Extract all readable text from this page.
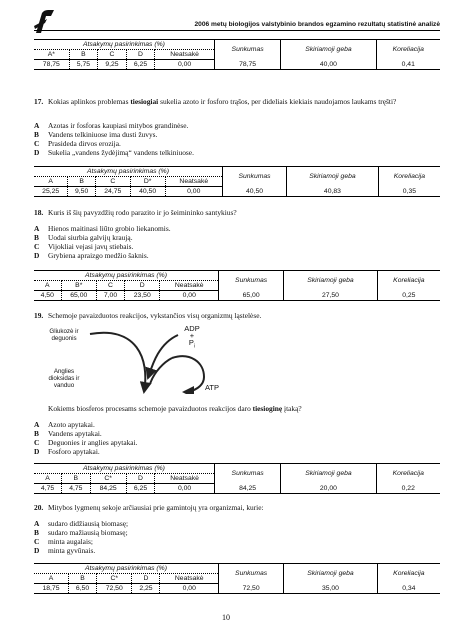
2006 metų biologijos valstybinio brandos egzamino rezultatų statistinė analizė
Atsakymų pasirinkimas (%)					Sunkumas	Skiriamoji geba	Koreliacija
A*	B	C	D	Neatsakė			
78,75	5,75	9,25	6,25	0,00	78,75	40,00	0,41
17. Kokias aplinkos problemas tiesiogiai sukelia azoto ir fosforo trąšos, per dideliais kiekiais naudojamos laukams tręšti?
A Azotas ir fosforas kaupiasi mitybos grandinėse.
B Vandens telkiniuose ima dusti žuvys.
C Prasideda dirvos erozija.
D Sukelia „vandens žydėjimą“ vandens telkiniuose.
Atsakymų pasirinkimas (%)					Sunkumas	Skiriamoji geba	Koreliacija
A	B	C	D*	Neatsakė			
25,25	9,50	24,75	40,50	0,00	40,50	40,83	0,35
18. Kuris iš šių pavyzdžių rodo parazito ir jo šeimininko santykius?
A Hienos maitinasi liūto grobio liekanomis.
B Uodai siurbia galvijų kraują.
C Vijokliai vejasi javų stiebais.
D Grybiena apraizgo medžio šaknis.
Atsakymų pasirinkimas (%)					Sunkumas	Skiriamoji geba	Koreliacija
A	B*	C	D	Neatsakė			
4,50	65,00	7,00	23,50	0,00	65,00	27,50	0,25
19. Schemoje pavaizduotos reakcijos, vykstančios visų organizmų ląstelėse.
Gliukozė ir deguonis
Anglies dioksidas ir vanduo
ADP
+
$P_i$
ATP
Kokiems biosferos procesams schemoje pavaizduotos reakcijos daro tiesioginę įtaką?
A Azoto apytakai.
B Vandens apytakai.
C Deguonies ir anglies apytakai.
D Fosforo apytakai.
Atsakymų pasirinkimas (%)					Sunkumas	Skiriamoji geba	Koreliacija
A	B	C*	D	Neatsakė			
4,75	4,75	84,25	6,25	0,00	84,25	20,00	0,22
20. Mitybos lygmenų sekoje arčiausiai prie gamintojų yra organizmai, kurie:
A sudaro didžiausią biomasę;
B sudaro mažiausią biomasę;
C minta augalais;
D minta gyvūnais.
Atsakymų pasirinkimas (%)					Sunkumas	Skiriamoji geba	Koreliacija
A	B	C*	D	Neatsakė			
18,75	6,50	72,50	2,25	0,00	72,50	35,00	0,34
10
